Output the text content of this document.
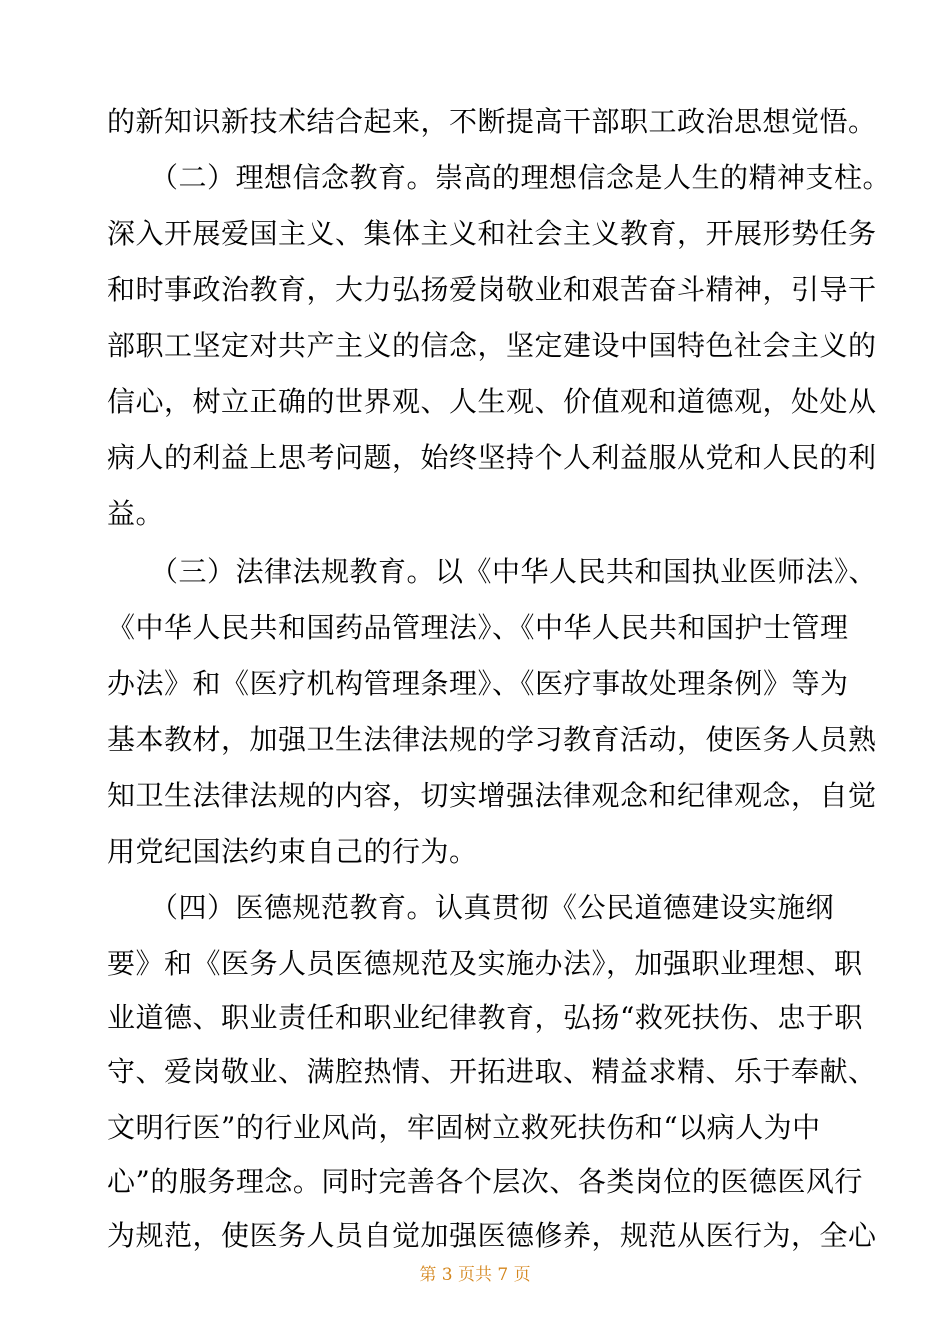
的新知识新技术结合起来，不断提高干部职工政治思想觉悟。
　　（二）理想信念教育。崇高的理想信念是人生的精神支柱。
深入开展爱国主义、集体主义和社会主义教育，开展形势任务
和时事政治教育，大力弘扬爱岗敬业和艰苦奋斗精神，引导干
部职工坚定对共产主义的信念，坚定建设中国特色社会主义的
信心，树立正确的世界观、人生观、价值观和道德观，处处从
病人的利益上思考问题，始终坚持个人利益服从党和人民的利
益。
　　（三）法律法规教育。以《中华人民共和国执业医师法》、
《中华人民共和国药品管理法》、《中华人民共和国护士管理
办法》和《医疗机构管理条理》、《医疗事故处理条例》等为
基本教材，加强卫生法律法规的学习教育活动，使医务人员熟
知卫生法律法规的内容，切实增强法律观念和纪律观念，自觉
用党纪国法约束自己的行为。
　　（四）医德规范教育。认真贯彻《公民道德建设实施纲
要》和《医务人员医德规范及实施办法》，加强职业理想、职
业道德、职业责任和职业纪律教育，弘扬“救死扶伤、忠于职
守、爱岗敬业、满腔热情、开拓进取、精益求精、乐于奉献、
文明行医”的行业风尚，牢固树立救死扶伤和“以病人为中
心”的服务理念。同时完善各个层次、各类岗位的医德医风行
第 3 页共 7 页
为规范，使医务人员自觉加强医德修养，规范从医行为，全心
